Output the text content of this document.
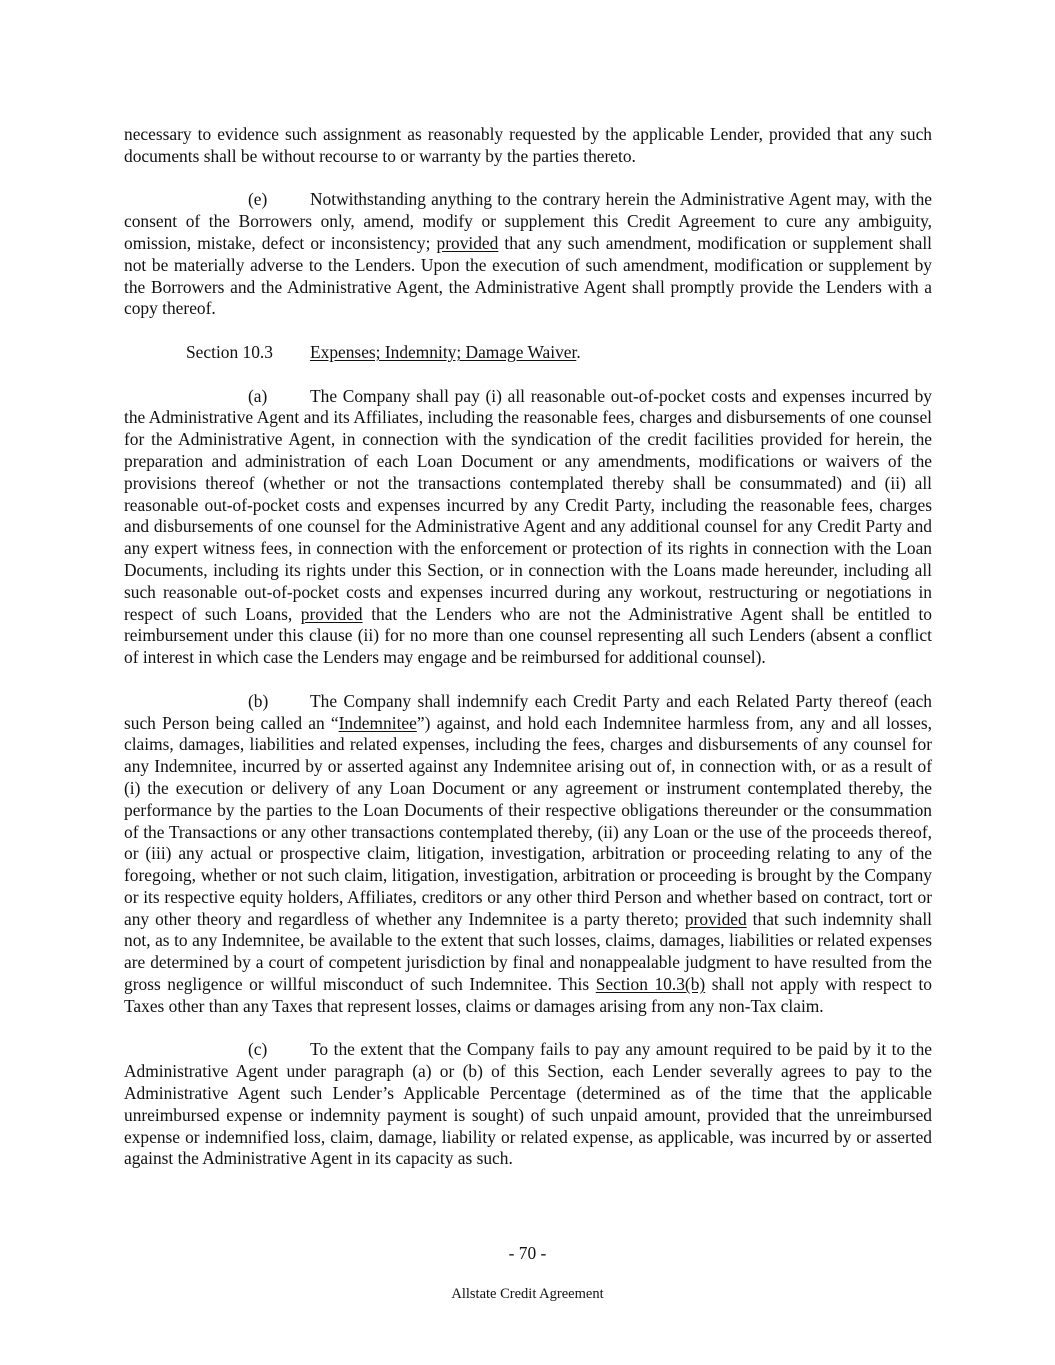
necessary to evidence such assignment as reasonably requested by the applicable Lender, provided that any such documents shall be without recourse to or warranty by the parties thereto.

(e) Notwithstanding anything to the contrary herein the Administrative Agent may, with the consent of the Borrowers only, amend, modify or supplement this Credit Agreement to cure any ambiguity, omission, mistake, defect or inconsistency; provided that any such amendment, modification or supplement shall not be materially adverse to the Lenders. Upon the execution of such amendment, modification or supplement by the Borrowers and the Administrative Agent, the Administrative Agent shall promptly provide the Lenders with a copy thereof.

Section 10.3 Expenses; Indemnity; Damage Waiver.

(a) The Company shall pay (i) all reasonable out-of-pocket costs and expenses incurred by the Administrative Agent and its Affiliates, including the reasonable fees, charges and disbursements of one counsel for the Administrative Agent, in connection with the syndication of the credit facilities provided for herein, the preparation and administration of each Loan Document or any amendments, modifications or waivers of the provisions thereof (whether or not the transactions contemplated thereby shall be consummated) and (ii) all reasonable out-of-pocket costs and expenses incurred by any Credit Party, including the reasonable fees, charges and disbursements of one counsel for the Administrative Agent and any additional counsel for any Credit Party and any expert witness fees, in connection with the enforcement or protection of its rights in connection with the Loan Documents, including its rights under this Section, or in connection with the Loans made hereunder, including all such reasonable out-of-pocket costs and expenses incurred during any workout, restructuring or negotiations in respect of such Loans, provided that the Lenders who are not the Administrative Agent shall be entitled to reimbursement under this clause (ii) for no more than one counsel representing all such Lenders (absent a conflict of interest in which case the Lenders may engage and be reimbursed for additional counsel).

(b) The Company shall indemnify each Credit Party and each Related Party thereof (each such Person being called an “Indemnitee”) against, and hold each Indemnitee harmless from, any and all losses, claims, damages, liabilities and related expenses, including the fees, charges and disbursements of any counsel for any Indemnitee, incurred by or asserted against any Indemnitee arising out of, in connection with, or as a result of (i) the execution or delivery of any Loan Document or any agreement or instrument contemplated thereby, the performance by the parties to the Loan Documents of their respective obligations thereunder or the consummation of the Transactions or any other transactions contemplated thereby, (ii) any Loan or the use of the proceeds thereof, or (iii) any actual or prospective claim, litigation, investigation, arbitration or proceeding relating to any of the foregoing, whether or not such claim, litigation, investigation, arbitration or proceeding is brought by the Company or its respective equity holders, Affiliates, creditors or any other third Person and whether based on contract, tort or any other theory and regardless of whether any Indemnitee is a party thereto; provided that such indemnity shall not, as to any Indemnitee, be available to the extent that such losses, claims, damages, liabilities or related expenses are determined by a court of competent jurisdiction by final and nonappealable judgment to have resulted from the gross negligence or willful misconduct of such Indemnitee. This Section 10.3(b) shall not apply with respect to Taxes other than any Taxes that represent losses, claims or damages arising from any non-Tax claim.

(c) To the extent that the Company fails to pay any amount required to be paid by it to the Administrative Agent under paragraph (a) or (b) of this Section, each Lender severally agrees to pay to the Administrative Agent such Lender’s Applicable Percentage (determined as of the time that the applicable unreimbursed expense or indemnity payment is sought) of such unpaid amount, provided that the unreimbursed expense or indemnified loss, claim, damage, liability or related expense, as applicable, was incurred by or asserted against the Administrative Agent in its capacity as such.

- 70 -
Allstate Credit Agreement
